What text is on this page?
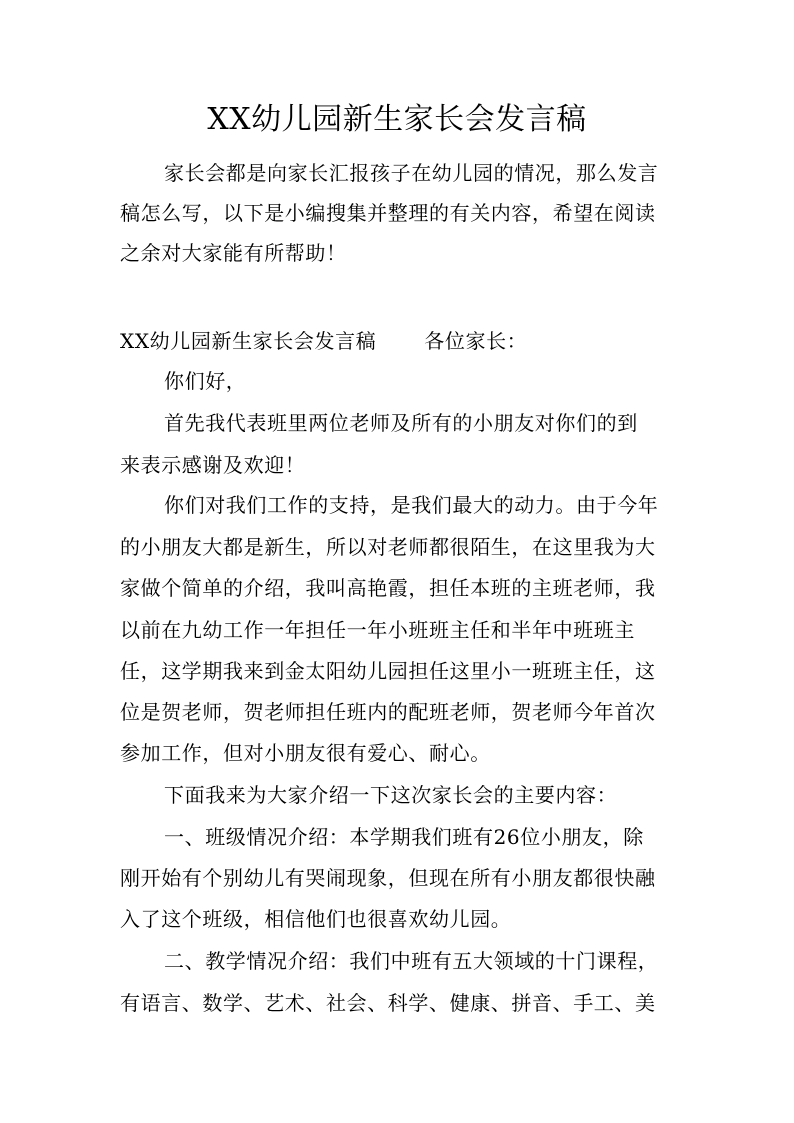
XX幼儿园新生家长会发言稿

家长会都是向家长汇报孩子在幼儿园的情况，那么发言

稿怎么写，以下是小编搜集并整理的有关内容，希望在阅读

之余对大家能有所帮助！

XX幼儿园新生家长会发言稿 各位家长：

你们好，

首先我代表班里两位老师及所有的小朋友对你们的到

来表示感谢及欢迎！

你们对我们工作的支持，是我们最大的动力。由于今年

的小朋友大都是新生，所以对老师都很陌生，在这里我为大

家做个简单的介绍，我叫高艳霞，担任本班的主班老师，我

以前在九幼工作一年担任一年小班班主任和半年中班班主

任，这学期我来到金太阳幼儿园担任这里小一班班主任，这

位是贺老师，贺老师担任班内的配班老师，贺老师今年首次

参加工作，但对小朋友很有爱心、耐心。

下面我来为大家介绍一下这次家长会的主要内容：

一、班级情况介绍：本学期我们班有26位小朋友，除

刚开始有个别幼儿有哭闹现象，但现在所有小朋友都很快融

入了这个班级，相信他们也很喜欢幼儿园。

二、教学情况介绍：我们中班有五大领域的十门课程，

有语言、数学、艺术、社会、科学、健康、拼音、手工、美
